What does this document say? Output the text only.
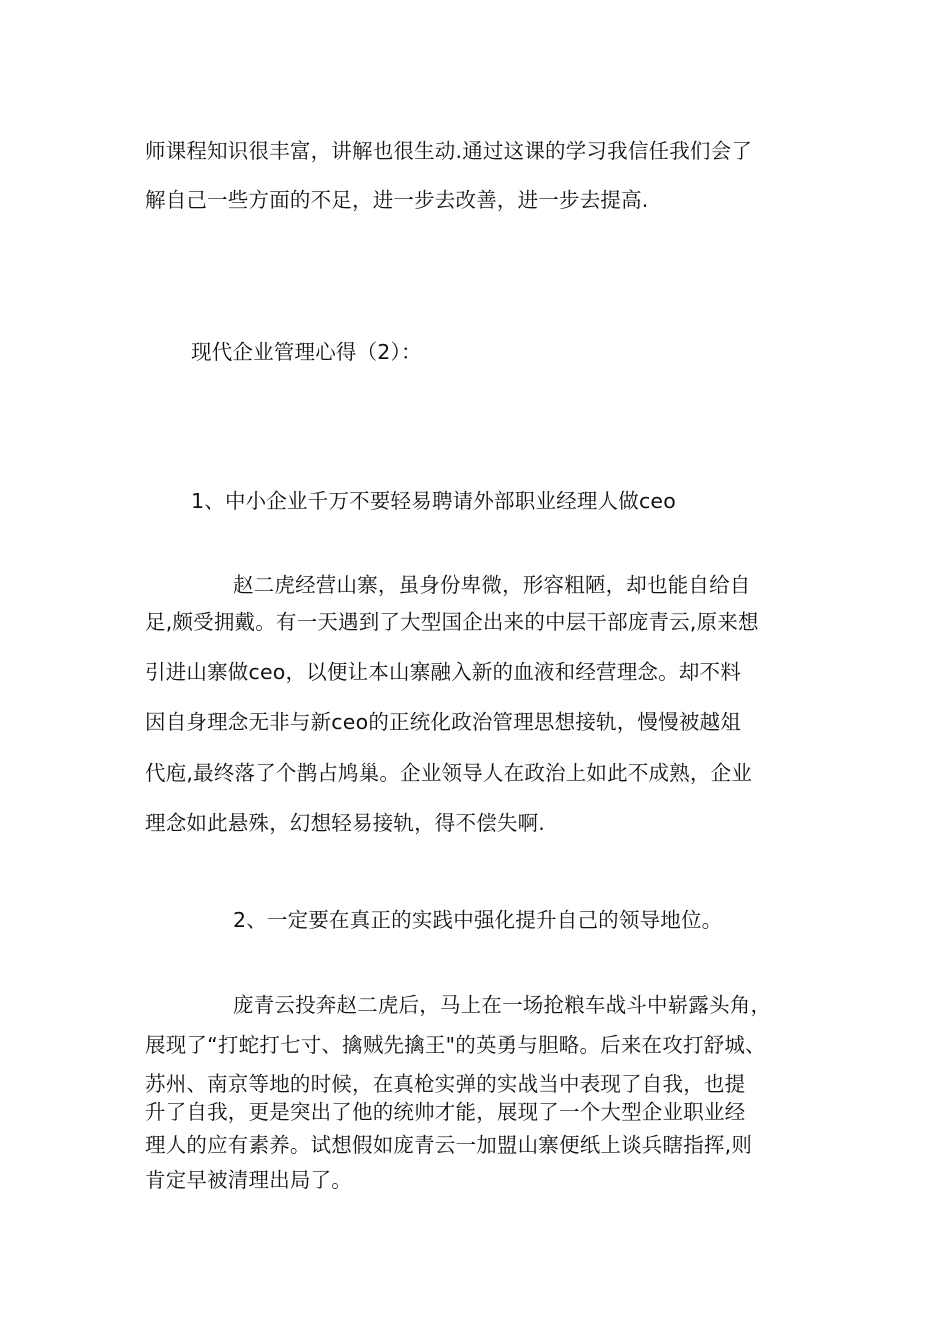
师课程知识很丰富，讲解也很生动.通过这课的学习我信任我们会了
解自己一些方面的不足，进一步去改善，进一步去提高.
现代企业管理心得（2）：
1、中小企业千万不要轻易聘请外部职业经理人做ceo
赵二虎经营山寨，虽身份卑微，形容粗陋，却也能自给自
足,颇受拥戴。有一天遇到了大型国企出来的中层干部庞青云,原来想
引进山寨做ceo，以便让本山寨融入新的血液和经营理念。却不料
因自身理念无非与新ceo的正统化政治管理思想接轨，慢慢被越俎
代庖,最终落了个鹊占鸠巢。企业领导人在政治上如此不成熟，企业
理念如此悬殊，幻想轻易接轨，得不偿失啊.
2、一定要在真正的实践中强化提升自己的领导地位。
庞青云投奔赵二虎后，马上在一场抢粮车战斗中崭露头角，
展现了“打蛇打七寸、擒贼先擒王"的英勇与胆略。后来在攻打舒城、
苏州、南京等地的时候，在真枪实弹的实战当中表现了自我，也提
升了自我，更是突出了他的统帅才能，展现了一个大型企业职业经
理人的应有素养。试想假如庞青云一加盟山寨便纸上谈兵瞎指挥,则
肯定早被清理出局了。
